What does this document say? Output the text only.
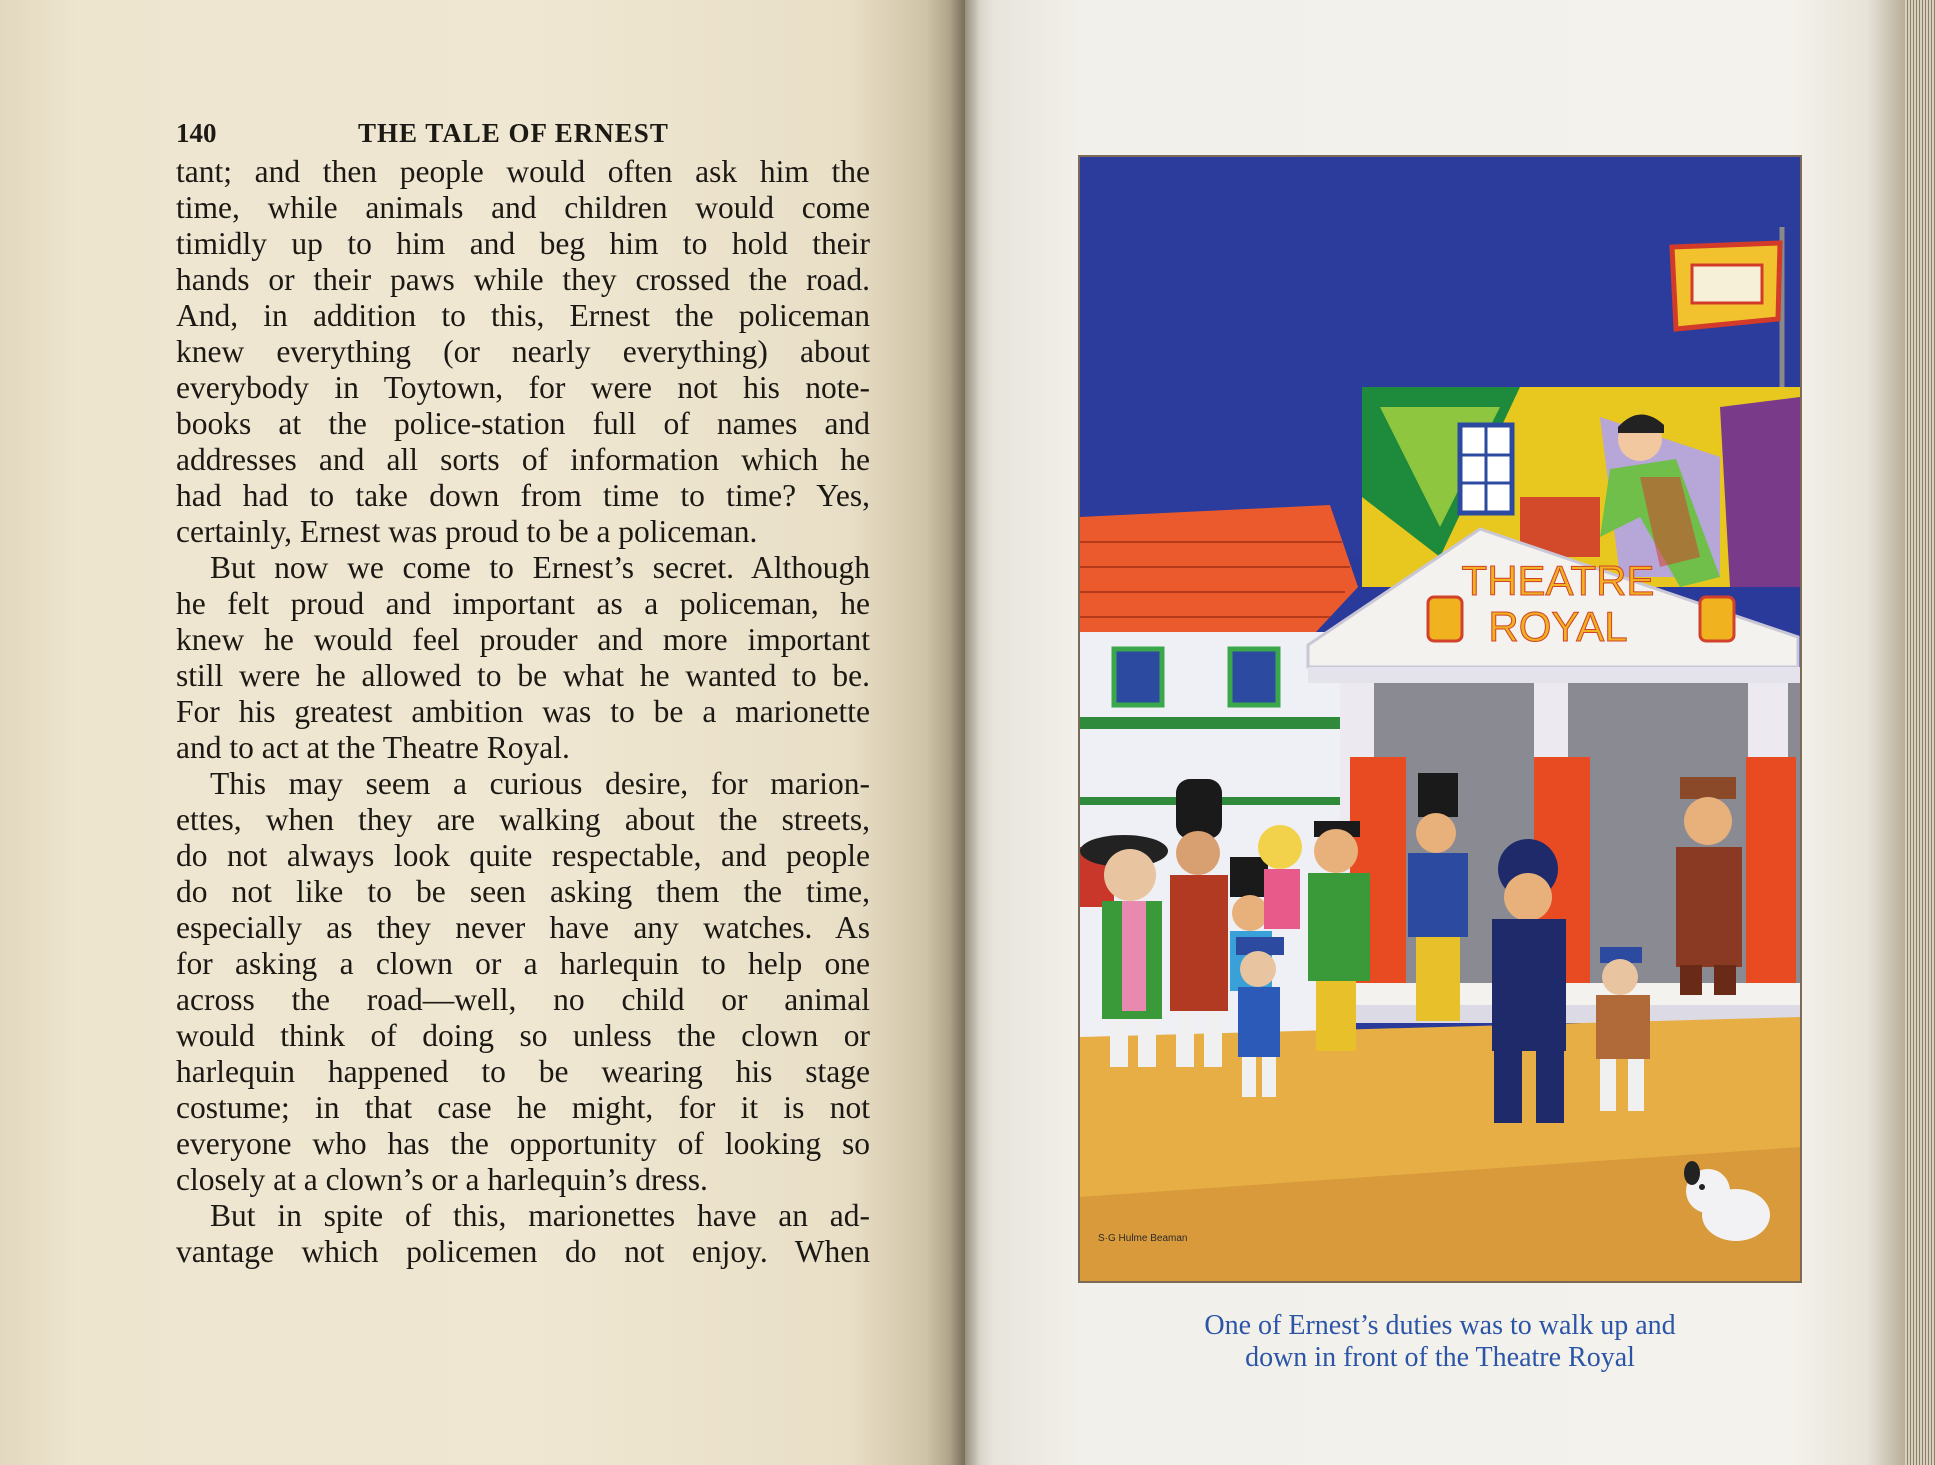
140	THE TALE OF ERNEST
tant; and then people would often ask him the
time, while animals and children would come
timidly up to him and beg him to hold their
hands or their paws while they crossed the road.
And, in addition to this, Ernest the policeman
knew everything (or nearly everything) about
everybody in Toytown, for were not his note-
books at the police-station full of names and
addresses and all sorts of information which he
had had to take down from time to time? Yes,
certainly, Ernest was proud to be a policeman.
But now we come to Ernest’s secret. Although
he felt proud and important as a policeman, he
knew he would feel prouder and more important
still were he allowed to be what he wanted to be.
For his greatest ambition was to be a marionette
and to act at the Theatre Royal.
This may seem a curious desire, for marion-
ettes, when they are walking about the streets,
do not always look quite respectable, and people
do not like to be seen asking them the time,
especially as they never have any watches. As
for asking a clown or a harlequin to help one
across the road—well, no child or animal
would think of doing so unless the clown or
harlequin happened to be wearing his stage
costume; in that case he might, for it is not
everyone who has the opportunity of looking so
closely at a clown’s or a harlequin’s dress.
But in spite of this, marionettes have an ad-
vantage which policemen do not enjoy. When
THEATRE
ROYAL
S·G Hulme Beaman
One of Ernest’s duties was to walk up and
down in front of the Theatre Royal
